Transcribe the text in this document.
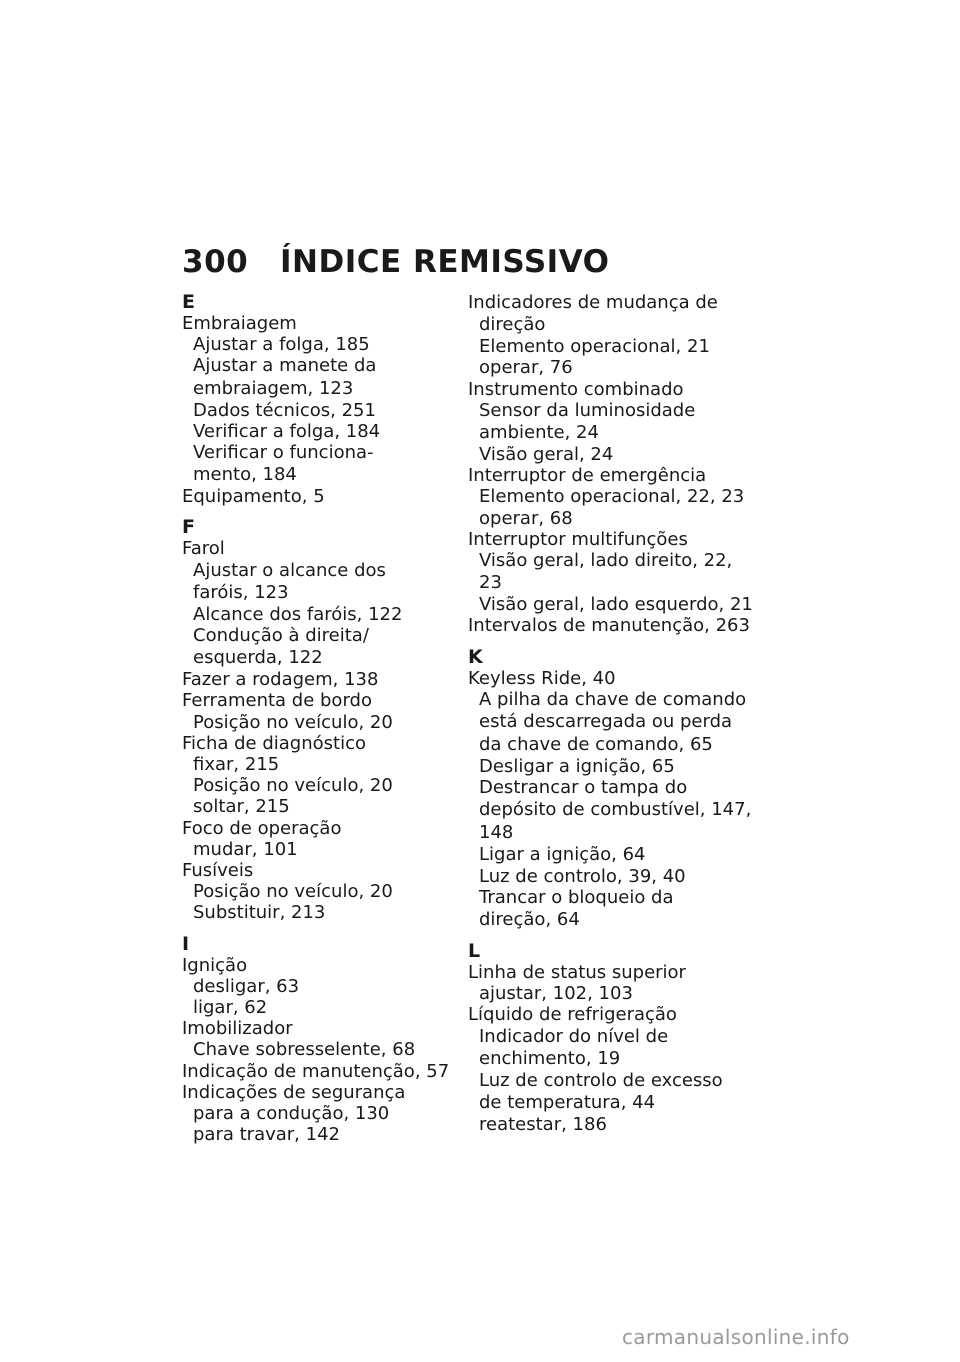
300 ÍNDICE REMISSIVO
E
Embraiagem
Ajustar a folga, 185
Ajustar a manete da
embraiagem, 123
Dados técnicos, 251
Verificar a folga, 184
Verificar o funciona-
mento, 184
Equipamento, 5
F
Farol
Ajustar o alcance dos
faróis, 123
Alcance dos faróis, 122
Condução à direita/
esquerda, 122
Fazer a rodagem, 138
Ferramenta de bordo
Posição no veículo, 20
Ficha de diagnóstico
fixar, 215
Posição no veículo, 20
soltar, 215
Foco de operação
mudar, 101
Fusíveis
Posição no veículo, 20
Substituir, 213
I
Ignição
desligar, 63
ligar, 62
Imobilizador
Chave sobresselente, 68
Indicação de manutenção, 57
Indicações de segurança
para a condução, 130
para travar, 142
Indicadores de mudança de
direção
Elemento operacional, 21
operar, 76
Instrumento combinado
Sensor da luminosidade
ambiente, 24
Visão geral, 24
Interruptor de emergência
Elemento operacional, 22, 23
operar, 68
Interruptor multifunções
Visão geral, lado direito, 22,
23
Visão geral, lado esquerdo, 21
Intervalos de manutenção, 263
K
Keyless Ride, 40
A pilha da chave de comando
está descarregada ou perda
da chave de comando, 65
Desligar a ignição, 65
Destrancar o tampa do
depósito de combustível, 147,
148
Ligar a ignição, 64
Luz de controlo, 39, 40
Trancar o bloqueio da
direção, 64
L
Linha de status superior
ajustar, 102, 103
Líquido de refrigeração
Indicador do nível de
enchimento, 19
Luz de controlo de excesso
de temperatura, 44
reatestar, 186
carmanualsonline.info
